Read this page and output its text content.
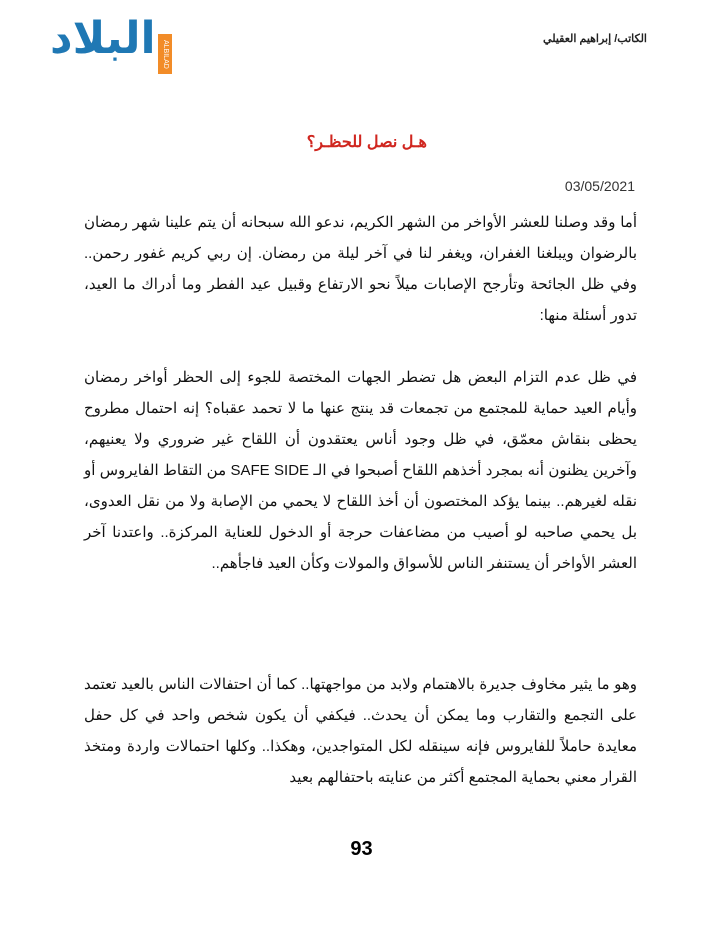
البلاد ALBILAD
الكاتب/ إبراهيم العقيلي
هـل نصل للحظـر؟
03/05/2021

أما وقد وصلنا للعشر الأواخر من الشهر الكريم، ندعو الله سبحانه أن يتم علينا شهر رمضان بالرضوان ويبلغنا الغفران، ويغفر لنا في آخر ليلة من رمضان. إن ربي كريم غفور رحمن.. وفي ظل الجائحة وتأرجح الإصابات ميلاً نحو الارتفاع وقبيل عيد الفطر وما أدراك ما العيد، تدور أسئلة منها:

في ظل عدم التزام البعض هل تضطر الجهات المختصة للجوء إلى الحظر أواخر رمضان وأيام العيد حماية للمجتمع من تجمعات قد ينتج عنها ما لا تحمد عقباه؟ إنه احتمال مطروح يحظى بنقاش معمّق، في ظل وجود أناس يعتقدون أن اللقاح غير ضروري ولا يعنيهم، وآخرين يظنون أنه بمجرد أخذهم اللقاح أصبحوا في الـ SAFE SIDE من التقاط الفايروس أو نقله لغيرهم.. بينما يؤكد المختصون أن أخذ اللقاح لا يحمي من الإصابة ولا من نقل العدوى، بل يحمي صاحبه لو أصيب من مضاعفات حرجة أو الدخول للعناية المركزة.. واعتدنا آخر العشر الأواخر أن يستنفر الناس للأسواق والمولات وكأن العيد فاجأهم..

وهو ما يثير مخاوف جديرة بالاهتمام ولابد من مواجهتها.. كما أن احتفالات الناس بالعيد تعتمد على التجمع والتقارب وما يمكن أن يحدث.. فيكفي أن يكون شخص واحد في كل حفل معايدة حاملاً للفايروس فإنه سينقله لكل المتواجدين، وهكذا.. وكلها احتمالات واردة ومتخذ القرار معني بحماية المجتمع أكثر من عنايته باحتفالهم بعيد

93
